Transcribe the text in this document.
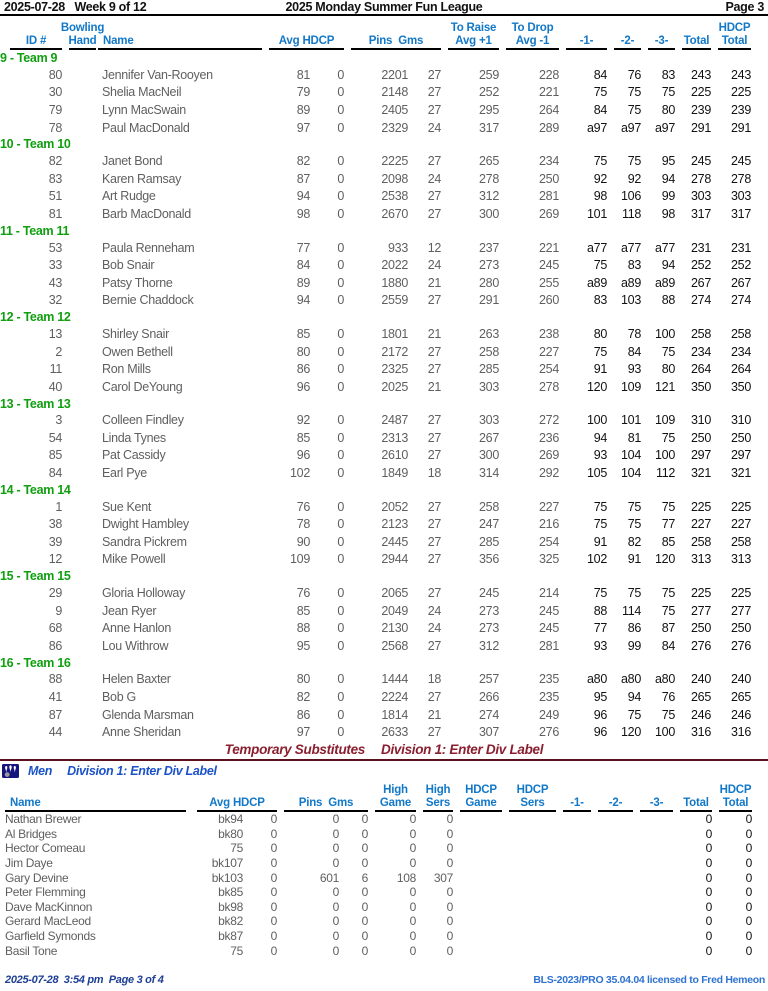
2025-07-28   Week 9 of 12	2025 Monday Summer Fun League	Page 3
ID #
Bowling
Hand Name	Avg HDCP	Pins  Gms
To Raise
Avg +1
To Drop
Avg -1	-1- -2- -3- Total
HDCP
Total
9 - Team 9
80	Jennifer Van-Rooyen	81	0	2201	27	259	228	84	76	83	243	243
30	Shelia MacNeil	79	0	2148	27	252	221	75	75	75	225	225
79	Lynn MacSwain	89	0	2405	27	295	264	84	75	80	239	239
78	Paul MacDonald	97	0	2329	24	317	289	a97	a97	a97	291	291
10 - Team 10
82	Janet Bond	82	0	2225	27	265	234	75	75	95	245	245
83	Karen Ramsay	87	0	2098	24	278	250	92	92	94	278	278
51	Art Rudge	94	0	2538	27	312	281	98	106	99	303	303
81	Barb MacDonald	98	0	2670	27	300	269	101	118	98	317	317
11 - Team 11
53	Paula Renneham	77	0	933	12	237	221	a77	a77	a77	231	231
33	Bob Snair	84	0	2022	24	273	245	75	83	94	252	252
43	Patsy Thorne	89	0	1880	21	280	255	a89	a89	a89	267	267
32	Bernie Chaddock	94	0	2559	27	291	260	83	103	88	274	274
12 - Team 12
13	Shirley Snair	85	0	1801	21	263	238	80	78	100	258	258
2	Owen Bethell	80	0	2172	27	258	227	75	84	75	234	234
11	Ron Mills	86	0	2325	27	285	254	91	93	80	264	264
40	Carol DeYoung	96	0	2025	21	303	278	120	109	121	350	350
13 - Team 13
3	Colleen Findley	92	0	2487	27	303	272	100	101	109	310	310
54	Linda Tynes	85	0	2313	27	267	236	94	81	75	250	250
85	Pat Cassidy	96	0	2610	27	300	269	93	104	100	297	297
84	Earl Pye	102	0	1849	18	314	292	105	104	112	321	321
14 - Team 14
1	Sue Kent	76	0	2052	27	258	227	75	75	75	225	225
38	Dwight Hambley	78	0	2123	27	247	216	75	75	77	227	227
39	Sandra Pickrem	90	0	2445	27	285	254	91	82	85	258	258
12	Mike Powell	109	0	2944	27	356	325	102	91	120	313	313
15 - Team 15
29	Gloria Holloway	76	0	2065	27	245	214	75	75	75	225	225
9	Jean Ryer	85	0	2049	24	273	245	88	114	75	277	277
68	Anne Hanlon	88	0	2130	24	273	245	77	86	87	250	250
86	Lou Withrow	95	0	2568	27	312	281	93	99	84	276	276
16 - Team 16
88	Helen Baxter	80	0	1444	18	257	235	a80	a80	a80	240	240
41	Bob G	82	0	2224	27	266	235	95	94	76	265	265
87	Glenda Marsman	86	0	1814	21	274	249	96	75	75	246	246
44	Anne Sheridan	97	0	2633	27	307	276	96	120	100	316	316
Temporary Substitutes Division 1: Enter Div Label
Men Division 1: Enter Div Label
Name	Avg HDCP	Pins  Gms
High
Game
High
Sers
HDCP
Game
HDCP
Sers -1- -2- -3- Total
HDCP
Total
Nathan Brewer	bk94	0	0	0	0	0	0	0
Al Bridges	bk80	0	0	0	0	0	0	0
Hector Comeau	75	0	0	0	0	0	0	0
Jim Daye	bk107	0	0	0	0	0	0	0
Gary Devine	bk103	0	601	6	108	307	0	0
Peter Flemming	bk85	0	0	0	0	0	0	0
Dave MacKinnon	bk98	0	0	0	0	0	0	0
Gerard MacLeod	bk82	0	0	0	0	0	0	0
Garfield Symonds	bk87	0	0	0	0	0	0	0
Basil Tone	75	0	0	0	0	0	0	0
2025-07-28  3:54 pm  Page 3 of 4	BLS-2023/PRO 35.04.04 licensed to Fred Hemeon
